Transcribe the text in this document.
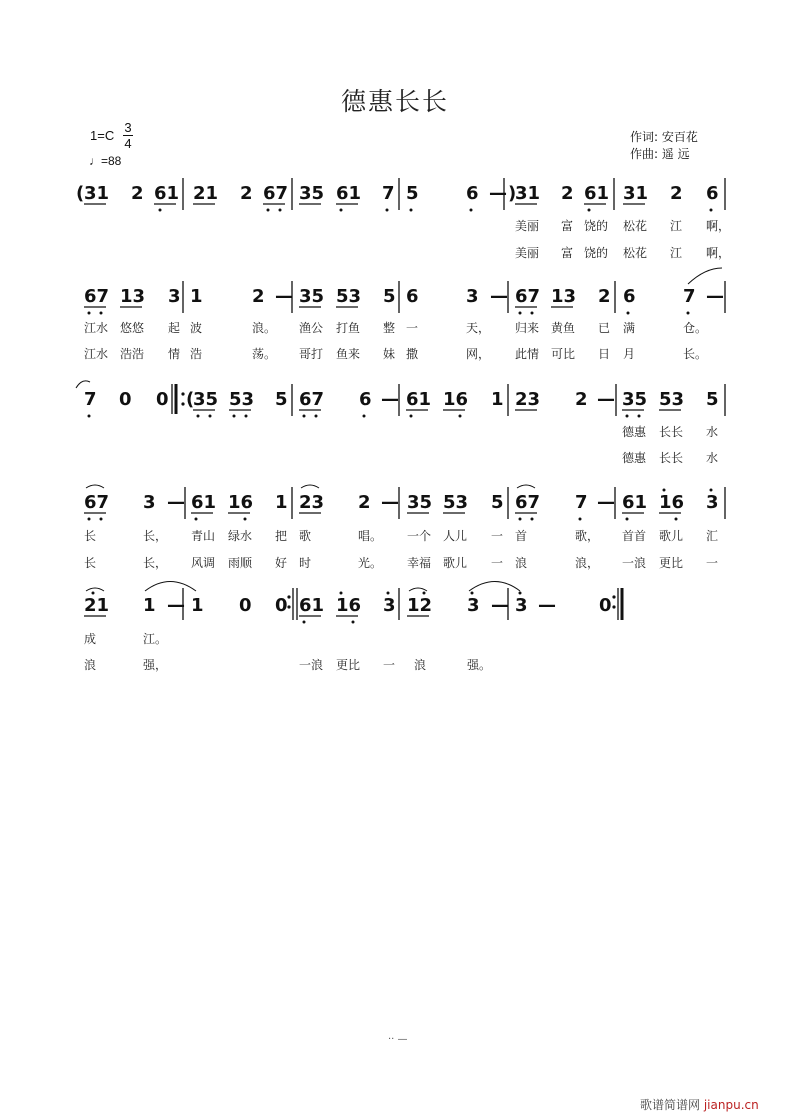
德惠长长
1=C
3
4
♩=88
作词: 安百花
作曲: 遥 远
( 31 2 61 21 2 67 35 61 7 5	6 — )
31 2 61 31 2 6
美丽 富 饶的 松花 江 啊，
美丽 富 饶的 松花 江 啊，
67 13 3 1	2 — 35 53 5 6	3 — 67 13 2 6	7 —
江水 悠悠 起 波	浪。 渔公 打鱼 整 一	天， 归来 黄鱼 已 满	仓。
江水 浩浩 情 浩	荡。 哥打 鱼来 妹 撒	网， 此情 可比 日 月	长。
7 0 0 (
35 53 5 67 6 — 61 16 1 23 2 — 35 53 5
德惠 长长 水
德惠 长长 水
67 3 — 61 16 1 23 2 — 35 53 5 67 7 — 61 16 3
长	长， 青山 绿水 把 歌	唱。 一个 人儿 一 首	歌， 首首 歌儿 汇
长	长， 风调 雨顺 好 时	光。 幸福 歌儿 一 浪	浪， 一浪 更比 一
21 1 — 1 0 0 61 16 3 12 3 — 3 — 0
成	江。
浪	强，	一浪 更比 一 浪	强。
·· —
歌谱简谱网 jianpu.cn
